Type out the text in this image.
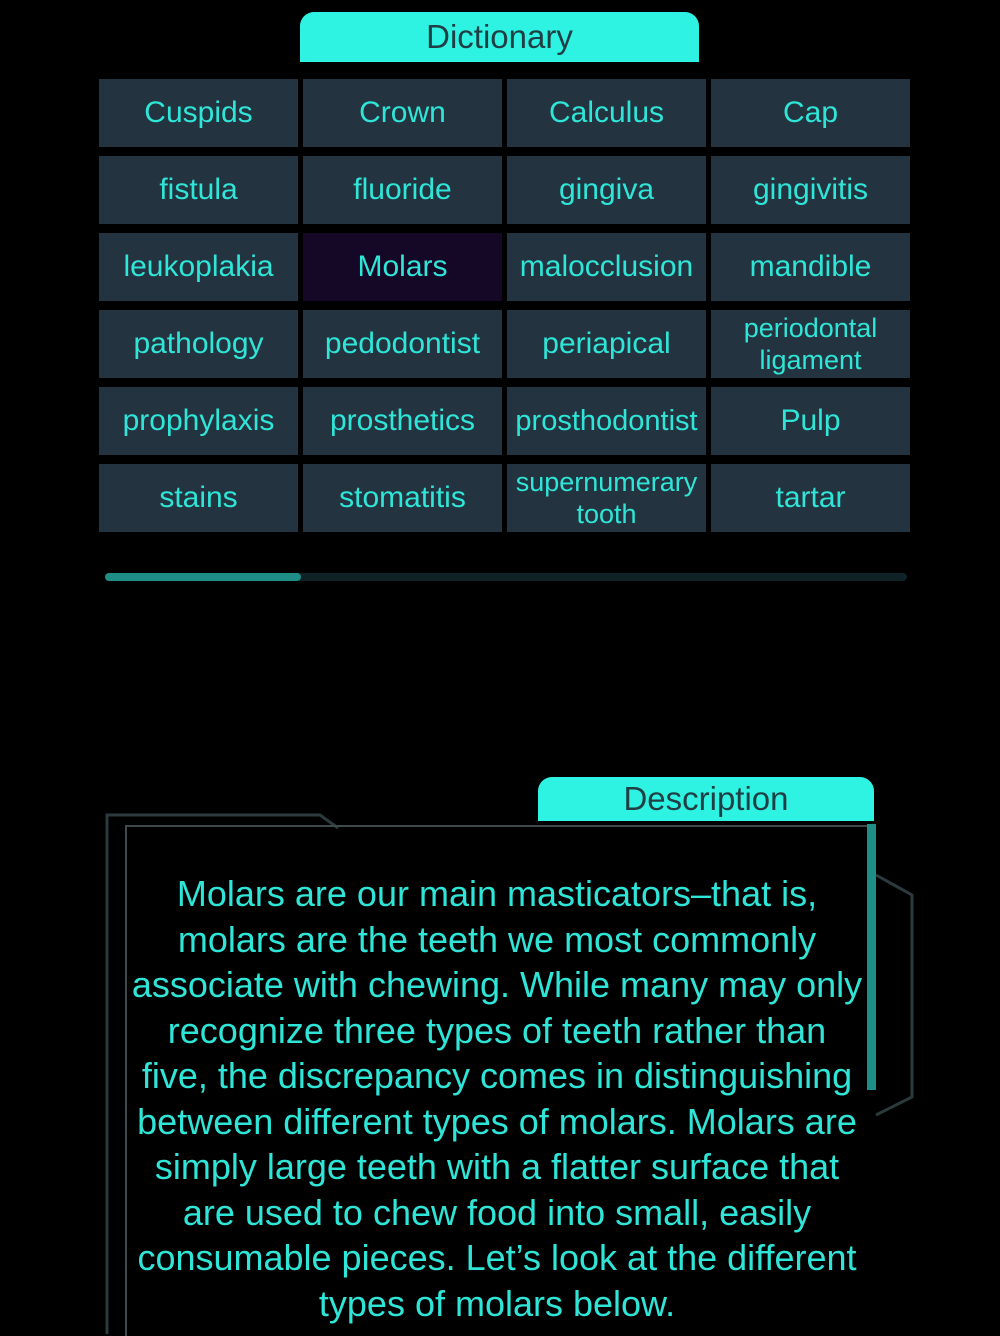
Dictionary
Cuspids	Crown	Calculus	Cap
fistula	fluoride	gingiva	gingivitis
leukoplakia	Molars	malocclusion	mandible
pathology	pedodontist	periapical	periodontal ligament
prophylaxis	prosthetics	prosthodontist	Pulp
stains	stomatitis	supernumerary tooth	tartar
Description
Molars are our main masticators–that is, molars are the teeth we most commonly associate with chewing. While many may only recognize three types of teeth rather than five, the discrepancy comes in distinguishing between different types of molars. Molars are simply large teeth with a flatter surface that are used to chew food into small, easily consumable pieces. Let’s look at the different types of molars below.
